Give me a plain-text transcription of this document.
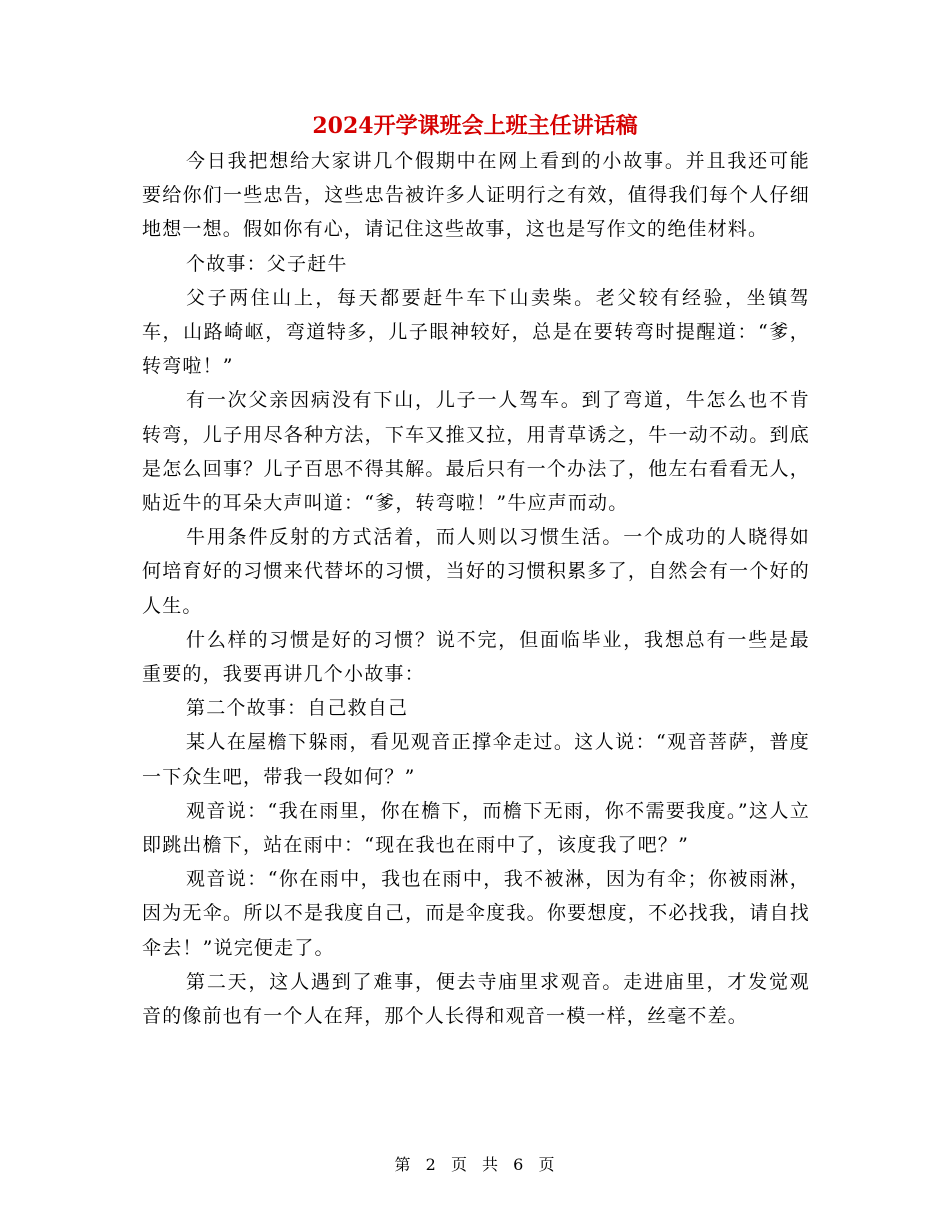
2024开学课班会上班主任讲话稿

今日我把想给大家讲几个假期中在网上看到的小故事。并且我还可能要给你们一些忠告，这些忠告被许多人证明行之有效，值得我们每个人仔细地想一想。假如你有心，请记住这些故事，这也是写作文的绝佳材料。

个故事：父子赶牛

父子两住山上，每天都要赶牛车下山卖柴。老父较有经验，坐镇驾车，山路崎岖，弯道特多，儿子眼神较好，总是在要转弯时提醒道：“爹，转弯啦！”

有一次父亲因病没有下山，儿子一人驾车。到了弯道，牛怎么也不肯转弯，儿子用尽各种方法，下车又推又拉，用青草诱之，牛一动不动。到底是怎么回事？儿子百思不得其解。最后只有一个办法了，他左右看看无人，贴近牛的耳朵大声叫道：“爹，转弯啦！”牛应声而动。

牛用条件反射的方式活着，而人则以习惯生活。一个成功的人晓得如何培育好的习惯来代替坏的习惯，当好的习惯积累多了，自然会有一个好的人生。

什么样的习惯是好的习惯？说不完，但面临毕业，我想总有一些是最重要的，我要再讲几个小故事：

第二个故事：自己救自己

某人在屋檐下躲雨，看见观音正撑伞走过。这人说：“观音菩萨，普度一下众生吧，带我一段如何？”

观音说：“我在雨里，你在檐下，而檐下无雨，你不需要我度。”这人立即跳出檐下，站在雨中：“现在我也在雨中了，该度我了吧？”

观音说：“你在雨中，我也在雨中，我不被淋，因为有伞；你被雨淋，因为无伞。所以不是我度自己，而是伞度我。你要想度，不必找我，请自找伞去！”说完便走了。

第二天，这人遇到了难事，便去寺庙里求观音。走进庙里，才发觉观音的像前也有一个人在拜，那个人长得和观音一模一样，丝毫不差。

第 2 页 共 6 页
